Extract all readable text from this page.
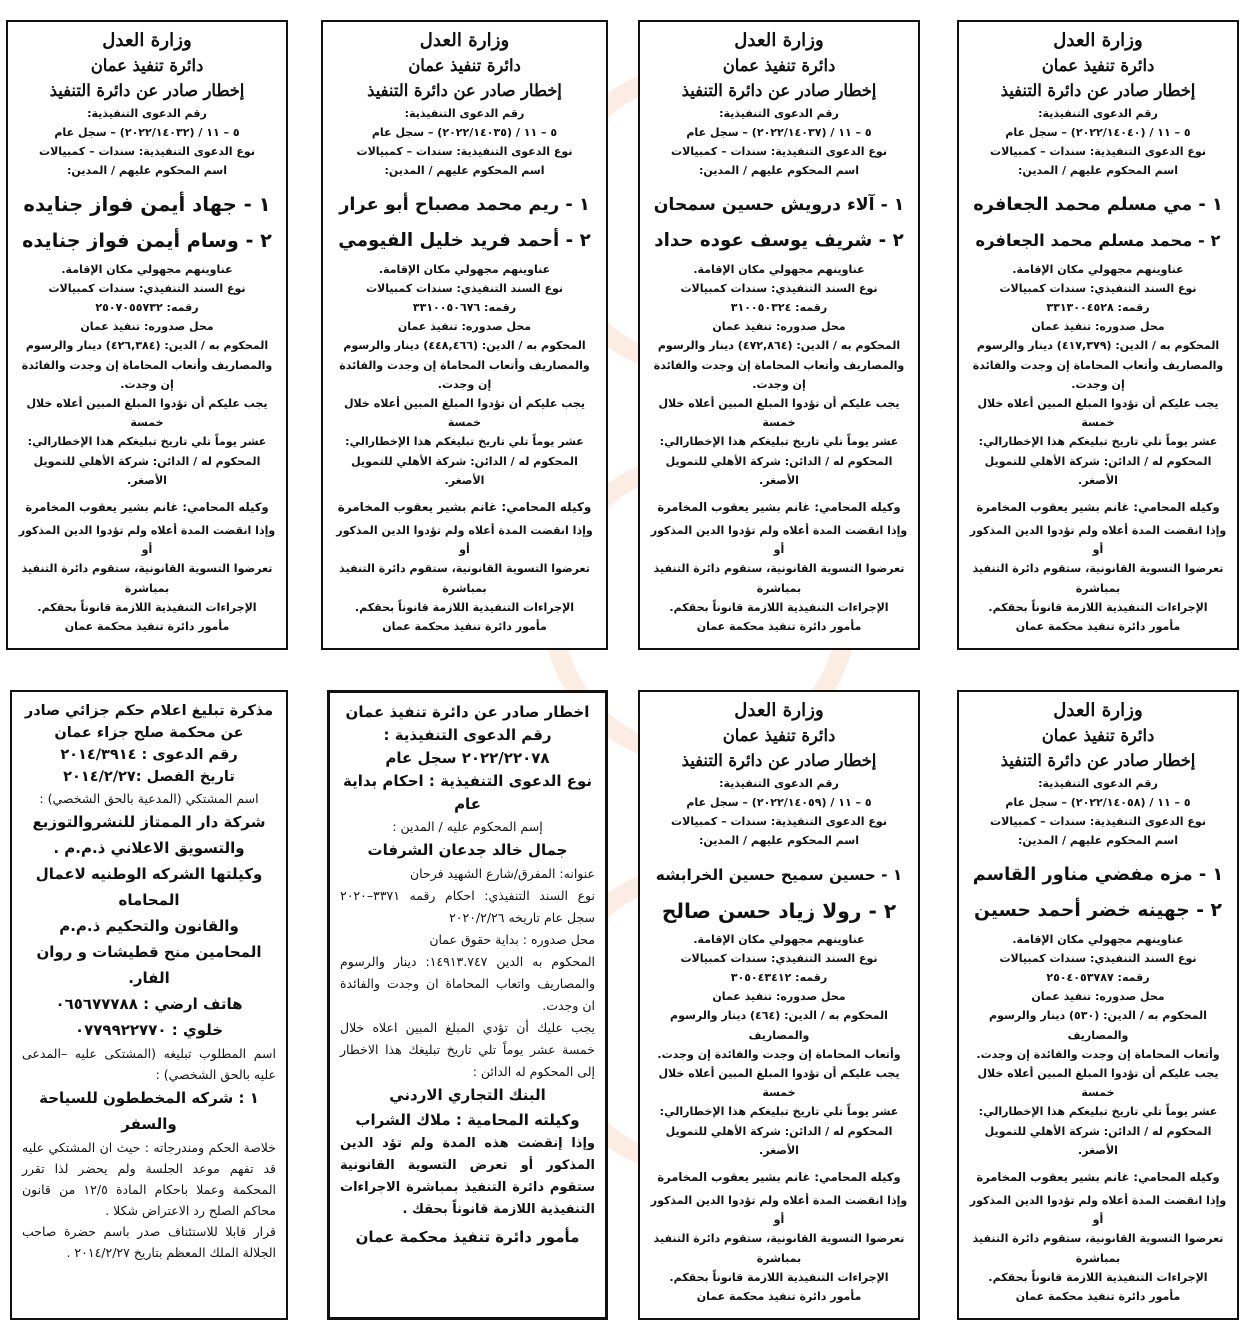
وزارة العدل
دائرة تنفيذ عمان
إخطار صادر عن دائرة التنفيذ
رقم الدعوى التنفيذية:
٥ – ١١ / (٢٠٢٢/١٤٠٤٠) – سجل عام
نوع الدعوى التنفيذية: سندات – كمبيالات
اسم المحكوم عليهم / المدين:
١ - مي مسلم محمد الجعافره
٢ - محمد مسلم محمد الجعافره
عناوينهم مجهولي مكان الإقامة.
نوع السند التنفيذي: سندات كمبيالات
رقمه: ٣٣١٣٠٠٤٥٢٨
محل صدوره: تنفيذ عمان
المحكوم به / الدين: (٤١٧,٣٧٩) دينار والرسوم
والمصاريف وأتعاب المحاماة إن وجدت والفائدة إن وجدت.
يجب عليكم أن تؤدوا المبلغ المبين أعلاه خلال خمسة
عشر يوماً تلي تاريخ تبليغكم هذا الإخطارالي:
المحكوم له / الدائن: شركة الأهلي للتمويل الأصغر.
وكيله المحامي: غانم بشير يعقوب المخامرة
وإذا انقضت المدة أعلاه ولم تؤدوا الدين المذكور أو
تعرضوا التسوية القانونية، ستقوم دائرة التنفيذ بمباشرة
الإجراءات التنفيذية اللازمة قانوناً بحقكم.
مأمور دائرة تنفيذ محكمة عمان
وزارة العدل
دائرة تنفيذ عمان
إخطار صادر عن دائرة التنفيذ
رقم الدعوى التنفيذية:
٥ – ١١ / (٢٠٢٢/١٤٠٣٧) – سجل عام
نوع الدعوى التنفيذية: سندات – كمبيالات
اسم المحكوم عليهم / المدين:
١ - آلاء درويش حسين سمحان
٢ - شريف يوسف عوده حداد
عناوينهم مجهولي مكان الإقامة.
نوع السند التنفيذي: سندات كمبيالات
رقمه: ٣١٠٠٥٠٣٢٤
محل صدوره: تنفيذ عمان
المحكوم به / الدين: (٤٧٢,٨٦٤) دينار والرسوم
والمصاريف وأتعاب المحاماة إن وجدت والفائدة إن وجدت.
يجب عليكم أن تؤدوا المبلغ المبين أعلاه خلال خمسة
عشر يوماً تلي تاريخ تبليغكم هذا الإخطارالي:
المحكوم له / الدائن: شركة الأهلي للتمويل الأصغر.
وكيله المحامي: غانم بشير يعقوب المخامرة
وإذا انقضت المدة أعلاه ولم تؤدوا الدين المذكور أو
تعرضوا التسوية القانونية، ستقوم دائرة التنفيذ بمباشرة
الإجراءات التنفيذية اللازمة قانوناً بحقكم.
مأمور دائرة تنفيذ محكمة عمان
وزارة العدل
دائرة تنفيذ عمان
إخطار صادر عن دائرة التنفيذ
رقم الدعوى التنفيذية:
٥ – ١١ / (٢٠٢٢/١٤٠٣٥) – سجل عام
نوع الدعوى التنفيذية: سندات – كمبيالات
اسم المحكوم عليهم / المدين:
١ - ريم محمد مصباح أبو عرار
٢ - أحمد فريد خليل الفيومي
عناوينهم مجهولي مكان الإقامة.
نوع السند التنفيذي: سندات كمبيالات
رقمه: ٣٣١٠٠٥٠٦٧٦
محل صدوره: تنفيذ عمان
المحكوم به / الدين: (٤٤٨,٤٦٦) دينار والرسوم
والمصاريف وأتعاب المحاماة إن وجدت والفائدة إن وجدت.
يجب عليكم أن تؤدوا المبلغ المبين أعلاه خلال خمسة
عشر يوماً تلي تاريخ تبليغكم هذا الإخطارالي:
المحكوم له / الدائن: شركة الأهلي للتمويل الأصغر.
وكيله المحامي: غانم بشير يعقوب المخامرة
وإذا انقضت المدة أعلاه ولم تؤدوا الدين المذكور أو
تعرضوا التسوية القانونية، ستقوم دائرة التنفيذ بمباشرة
الإجراءات التنفيذية اللازمة قانوناً بحقكم.
مأمور دائرة تنفيذ محكمة عمان
وزارة العدل
دائرة تنفيذ عمان
إخطار صادر عن دائرة التنفيذ
رقم الدعوى التنفيذية:
٥ – ١١ / (٢٠٢٢/١٤٠٣٢) – سجل عام
نوع الدعوى التنفيذية: سندات – كمبيالات
اسم المحكوم عليهم / المدين:
١ - جهاد أيمن فواز جنايده
٢ - وسام أيمن فواز جنايده
عناوينهم مجهولي مكان الإقامة.
نوع السند التنفيذي: سندات كمبيالات
رقمه: ٢٥٠٧٠٥٥٧٣٢
محل صدوره: تنفيذ عمان
المحكوم به / الدين: (٤٢٦,٣٨٤) دينار والرسوم
والمصاريف وأتعاب المحاماة إن وجدت والفائدة إن وجدت.
يجب عليكم أن تؤدوا المبلغ المبين أعلاه خلال خمسة
عشر يوماً تلي تاريخ تبليغكم هذا الإخطارالي:
المحكوم له / الدائن: شركة الأهلي للتمويل الأصغر.
وكيله المحامي: غانم بشير يعقوب المخامرة
وإذا انقضت المدة أعلاه ولم تؤدوا الدين المذكور أو
تعرضوا التسوية القانونية، ستقوم دائرة التنفيذ بمباشرة
الإجراءات التنفيذية اللازمة قانوناً بحقكم.
مأمور دائرة تنفيذ محكمة عمان
وزارة العدل
دائرة تنفيذ عمان
إخطار صادر عن دائرة التنفيذ
رقم الدعوى التنفيذية:
٥ – ١١ / (٢٠٢٢/١٤٠٥٨) – سجل عام
نوع الدعوى التنفيذية: سندات – كمبيالات
اسم المحكوم عليهم / المدين:
١ - مزه مفضي مناور القاسم
٢ - جهينه خضر أحمد حسين
عناوينهم مجهولي مكان الإقامة.
نوع السند التنفيذي: سندات كمبيالات
رقمه: ٢٥٠٤٠٥٣٧٨٧
محل صدوره: تنفيذ عمان
المحكوم به / الدين: (٥٣٠) دينار والرسوم والمصاريف
وأتعاب المحاماة إن وجدت والفائدة إن وجدت.
يجب عليكم أن تؤدوا المبلغ المبين أعلاه خلال خمسة
عشر يوماً تلي تاريخ تبليغكم هذا الإخطارالي:
المحكوم له / الدائن: شركة الأهلي للتمويل الأصغر.
وكيله المحامي: غانم بشير يعقوب المخامرة
وإذا انقضت المدة أعلاه ولم تؤدوا الدين المذكور أو
تعرضوا التسوية القانونية، ستقوم دائرة التنفيذ بمباشرة
الإجراءات التنفيذية اللازمة قانوناً بحقكم.
مأمور دائرة تنفيذ محكمة عمان
وزارة العدل
دائرة تنفيذ عمان
إخطار صادر عن دائرة التنفيذ
رقم الدعوى التنفيذية:
٥ – ١١ / (٢٠٢٢/١٤٠٥٩) – سجل عام
نوع الدعوى التنفيذية: سندات – كمبيالات
اسم المحكوم عليهم / المدين:
١ - حسين سميح حسين الخرابشه
٢ - رولا زياد حسن صالح
عناوينهم مجهولي مكان الإقامة.
نوع السند التنفيذي: سندات كمبيالات
رقمه: ٣٠٥٠٤٣٤١٢
محل صدوره: تنفيذ عمان
المحكوم به / الدين: (٤٦٤) دينار والرسوم والمصاريف
وأتعاب المحاماة إن وجدت والفائدة إن وجدت.
يجب عليكم أن تؤدوا المبلغ المبين أعلاه خلال خمسة
عشر يوماً تلي تاريخ تبليغكم هذا الإخطارالي:
المحكوم له / الدائن: شركة الأهلي للتمويل الأصغر.
وكيله المحامي: غانم بشير يعقوب المخامرة
وإذا انقضت المدة أعلاه ولم تؤدوا الدين المذكور أو
تعرضوا التسوية القانونية، ستقوم دائرة التنفيذ بمباشرة
الإجراءات التنفيذية اللازمة قانوناً بحقكم.
مأمور دائرة تنفيذ محكمة عمان
اخطار صادر عن دائرة تنفيذ عمان
رقم الدعوى التنفيذية :
٢٠٢٢/٢٢٠٧٨ سجل عام
نوع الدعوى التنفيذية : احكام بداية عام
إسم المحكوم عليه / المدين :
جمال خالد جدعان الشرفات
عنوانه: المفرق/شارع الشهيد فرحان
نوع السند التنفيذي: احكام رقمه ٣٣٧١–٢٠٢٠ سجل عام تاريخه ٢٠٢٠/٢/٢٦
محل صدوره : بداية حقوق عمان
المحكوم به الدين ١٤٩١٣.٧٤٧: دينار والرسوم والمصاريف واتعاب المحاماة ان وجدت والفائدة ان وجدت.
يجب عليك أن تؤدي المبلغ المبين اعلاه خلال خمسة عشر يوماً تلي تاريخ تبليغك هذا الاخطار إلى المحكوم له الدائن :
البنك التجاري الاردني
وكيلته المحامية : ملاك الشراب
وإذا إنقضت هذه المدة ولم تؤد الدين المذكور أو تعرض التسوية القانونية ستقوم دائرة التنفيذ بمباشرة الاجراءات التنفيذية اللازمة قانوناً بحقك .
مأمور دائرة تنفيذ محكمة عمان
مذكرة تبليغ اعلام حكم جزائي صادر
عن محكمة صلح جزاء عمان
رقم الدعوى : ٢٠١٤/٣٩١٤
تاريخ الفصل :٢٠١٤/٢/٢٧
اسم المشتكي (المدعية بالحق الشخصي) :
شركة دار الممتاز للنشروالتوزيع
والتسويق الاعلاني ذ.م.م .
وكيلتها الشركه الوطنيه لاعمال المحاماه
والقانون والتحكيم ذ.م.م
المحامين منح قطيشات و روان الفار.
هاتف ارضي : ٠٦٥٦٧٧٧٨٨
خلوي : ٠٧٧٩٩٢٢٧٧٠
اسم المطلوب تبليغه (المشتكى عليه –المدعى عليه بالحق الشخصي) :
١ : شركه المخططون للسياحة والسفر
خلاصة الحكم ومندرجاته : حيث ان المشتكي عليه قد تفهم موعد الجلسة ولم يحضر لذا تقرر المحكمة وعملا باحكام المادة ١٢/٥ من قانون محاكم الصلح رد الاعتراض شكلا .
قرار قابلا للاستئناف صدر باسم حضرة صاحب الجلالة الملك المعظم بتاريخ ٢٠١٤/٢/٢٧ .
